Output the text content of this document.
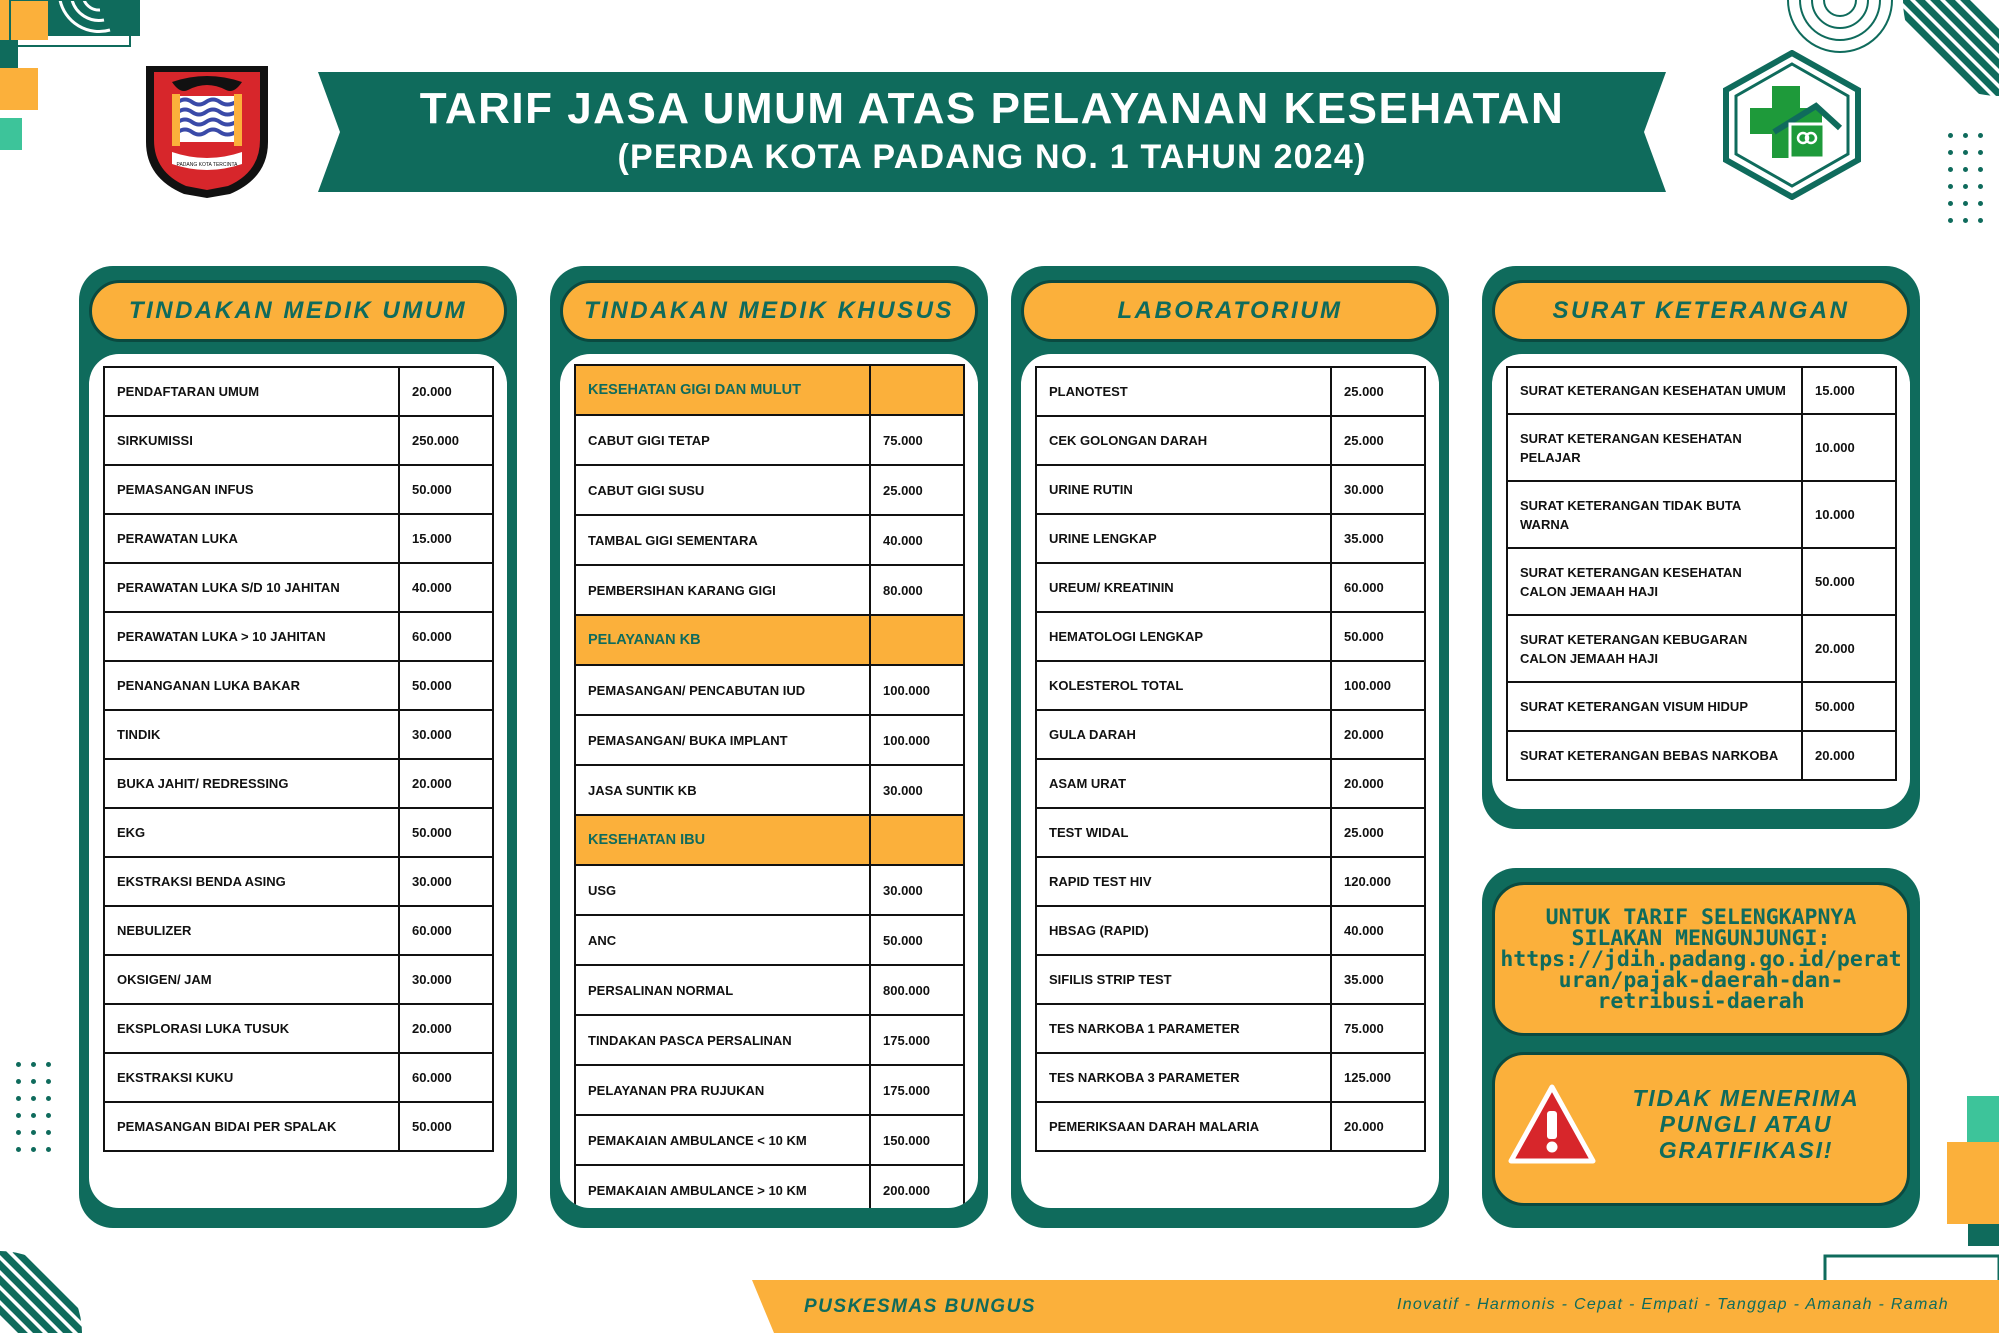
PADANG KOTA TERCINTA
TARIF JASA UMUM ATAS PELAYANAN KESEHATAN
(PERDA KOTA PADANG NO. 1 TAHUN 2024)
TINDAKAN MEDIK UMUM
PENDAFTARAN UMUM	20.000
SIRKUMISSI	250.000
PEMASANGAN INFUS	50.000
PERAWATAN LUKA	15.000
PERAWATAN LUKA S/D 10 JAHITAN	40.000
PERAWATAN LUKA > 10 JAHITAN	60.000
PENANGANAN LUKA BAKAR	50.000
TINDIK	30.000
BUKA JAHIT/ REDRESSING	20.000
EKG	50.000
EKSTRAKSI BENDA ASING	30.000
NEBULIZER	60.000
OKSIGEN/ JAM	30.000
EKSPLORASI LUKA TUSUK	20.000
EKSTRAKSI KUKU	60.000
PEMASANGAN BIDAI PER SPALAK	50.000
TINDAKAN MEDIK KHUSUS
KESEHATAN GIGI DAN MULUT	
CABUT GIGI TETAP	75.000
CABUT GIGI SUSU	25.000
TAMBAL GIGI SEMENTARA	40.000
PEMBERSIHAN KARANG GIGI	80.000
PELAYANAN KB	
PEMASANGAN/ PENCABUTAN IUD	100.000
PEMASANGAN/ BUKA IMPLANT	100.000
JASA SUNTIK KB	30.000
KESEHATAN IBU	
USG	30.000
ANC	50.000
PERSALINAN NORMAL	800.000
TINDAKAN PASCA PERSALINAN	175.000
PELAYANAN PRA RUJUKAN	175.000
PEMAKAIAN AMBULANCE < 10 KM	150.000
PEMAKAIAN AMBULANCE > 10 KM	200.000
LABORATORIUM
PLANOTEST	25.000
CEK GOLONGAN DARAH	25.000
URINE RUTIN	30.000
URINE LENGKAP	35.000
UREUM/ KREATININ	60.000
HEMATOLOGI LENGKAP	50.000
KOLESTEROL TOTAL	100.000
GULA DARAH	20.000
ASAM URAT	20.000
TEST WIDAL	25.000
RAPID TEST HIV	120.000
HBSAG (RAPID)	40.000
SIFILIS STRIP TEST	35.000
TES NARKOBA 1 PARAMETER	75.000
TES NARKOBA 3 PARAMETER	125.000
PEMERIKSAAN DARAH MALARIA	20.000
SURAT KETERANGAN
SURAT KETERANGAN KESEHATAN UMUM	15.000
SURAT KETERANGAN KESEHATAN PELAJAR	10.000
SURAT KETERANGAN TIDAK BUTA WARNA	10.000
SURAT KETERANGAN KESEHATAN CALON JEMAAH HAJI	50.000
SURAT KETERANGAN KEBUGARAN CALON JEMAAH HAJI	20.000
SURAT KETERANGAN VISUM HIDUP	50.000
SURAT KETERANGAN BEBAS NARKOBA	20.000
UNTUK TARIF SELENGKAPNYA
SILAKAN MENGUNJUNGI:
https://jdih.padang.go.id/perat
uran/pajak-daerah-dan-
retribusi-daerah
TIDAK MENERIMA
PUNGLI ATAU
GRATIFIKASI!
PUSKESMAS BUNGUS	Inovatif - Harmonis - Cepat - Empati - Tanggap - Amanah - Ramah
